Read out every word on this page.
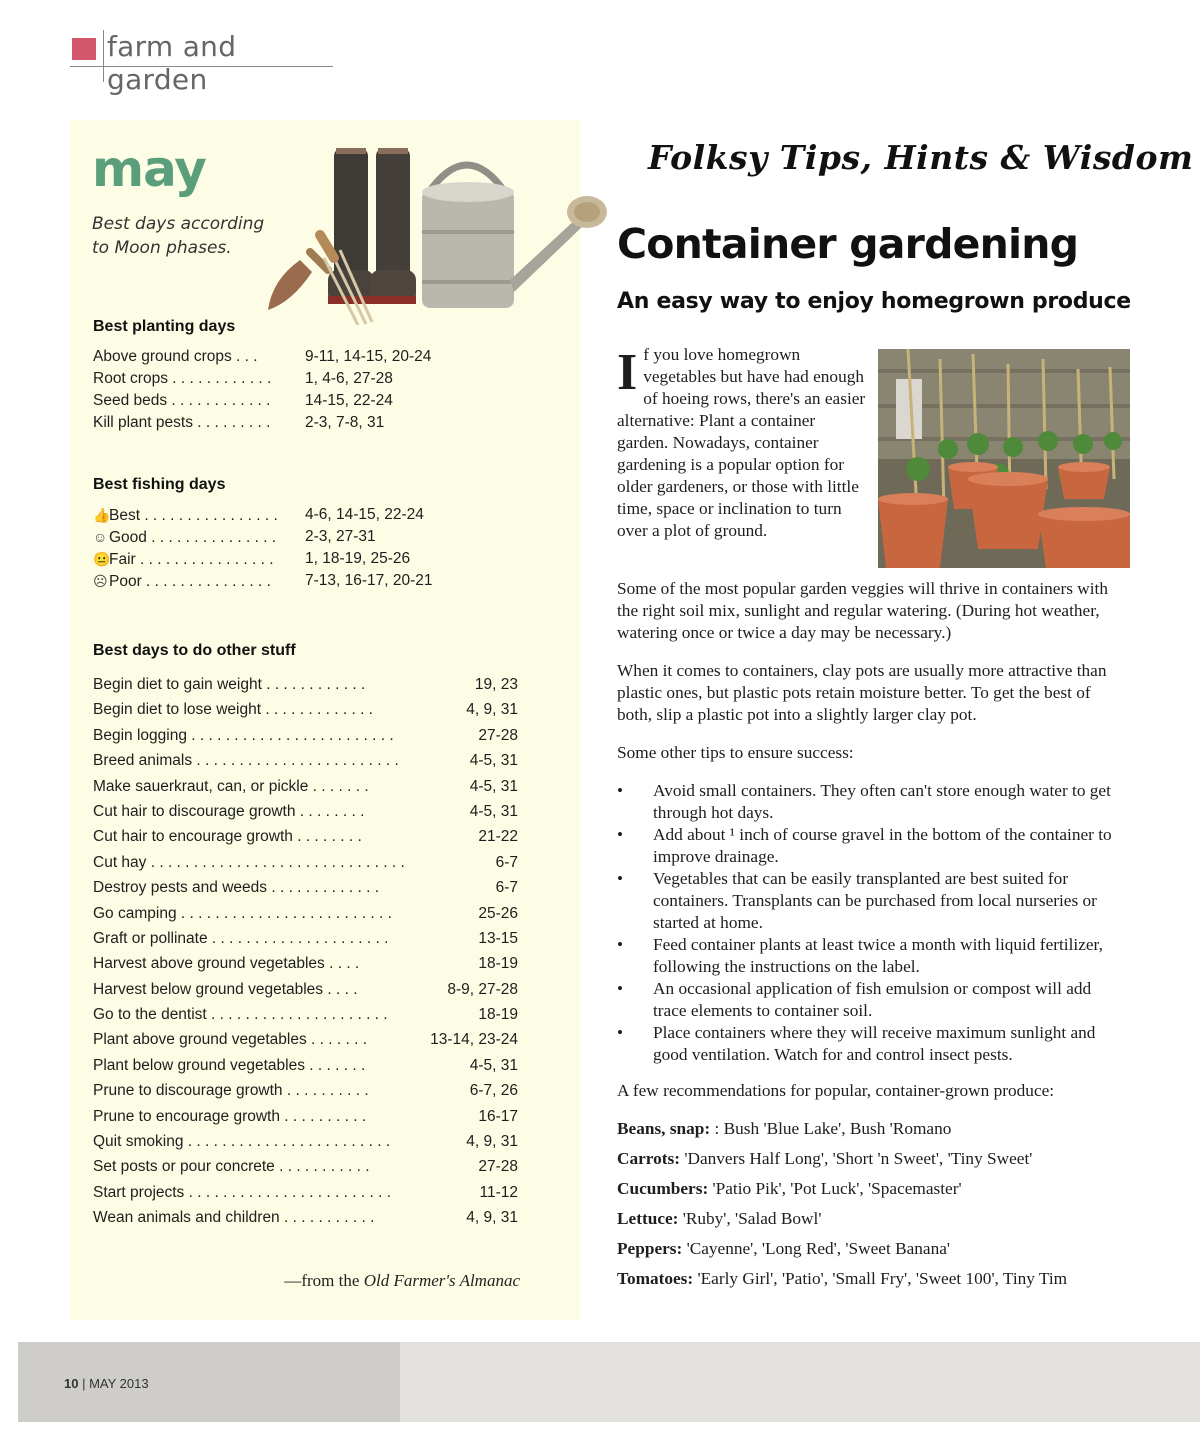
farm and garden
may
Best days according to Moon phases.
Best planting days
Above ground crops . . .	9-11, 14-15, 20-24
Root crops . . . . . . . . . . . . 1, 4-6, 27-28
Seed beds . . . . . . . . . . . . 14-15, 22-24
Kill plant pests . . . . . . . . . 2-3, 7-8, 31
Best fishing days
👍Best . . . . . . . . . . . . . . . . 4-6, 14-15, 22-24
☺ Good . . . . . . . . . . . . . . . 2-3, 27-31
😐Fair . . . . . . . . . . . . . . . . 1, 18-19, 25-26
☹Poor . . . . . . . . . . . . . . . 7-13, 16-17, 20-21
Best days to do other stuff
Begin diet to gain weight . . . . . . . . . . . .	19, 23
Begin diet to lose weight . . . . . . . . . . . . .	4, 9, 31
Begin logging . . . . . . . . . . . . . . . . . . . . . . . .	27-28
Breed animals . . . . . . . . . . . . . . . . . . . . . . . .	4-5, 31
Make sauerkraut, can, or pickle . . . . . . .	4-5, 31
Cut hair to discourage growth . . . . . . . .	4-5, 31
Cut hair to encourage growth . . . . . . . .	21-22
Cut hay . . . . . . . . . . . . . . . . . . . . . . . . . . . . . .	6-7
Destroy pests and weeds . . . . . . . . . . . . .	6-7
Go camping . . . . . . . . . . . . . . . . . . . . . . . . .	25-26
Graft or pollinate . . . . . . . . . . . . . . . . . . . . .	13-15
Harvest above ground vegetables . . . .	18-19
Harvest below ground vegetables . . . .	8-9, 27-28
Go to the dentist . . . . . . . . . . . . . . . . . . . . .	18-19
Plant above ground vegetables . . . . . . .	13-14, 23-24
Plant below ground vegetables . . . . . . .	4-5, 31
Prune to discourage growth . . . . . . . . . .	6-7, 26
Prune to encourage growth . . . . . . . . . .	16-17
Quit smoking . . . . . . . . . . . . . . . . . . . . . . . .	4, 9, 31
Set posts or pour concrete . . . . . . . . . . .	27-28
Start projects . . . . . . . . . . . . . . . . . . . . . . . .	11-12
Wean animals and children . . . . . . . . . . .	4, 9, 31
—from the Old Farmer's Almanac
Folksy Tips, Hints & Wisdom
Container gardening
An easy way to enjoy homegrown produce
If you love homegrown vegetables but have had enough of hoeing rows, there's an easier alternative: Plant a container garden. Nowadays, container gardening is a popular option for older gardeners, or those with little time, space or inclination to turn over a plot of ground.
Some of the most popular garden veggies will thrive in containers with the right soil mix, sunlight and regular watering. (During hot weather, watering once or twice a day may be necessary.)
When it comes to containers, clay pots are usually more attractive than plastic ones, but plastic pots retain moisture better. To get the best of both, slip a plastic pot into a slightly larger clay pot.
Some other tips to ensure success:
• Avoid small containers. They often can't store enough water to get through hot days.
• Add about ¹ inch of course gravel in the bottom of the container to improve drainage.
• Vegetables that can be easily transplanted are best suited for containers. Transplants can be purchased from local nurseries or started at home.
• Feed container plants at least twice a month with liquid fertilizer, following the instructions on the label.
• An occasional application of fish emulsion or compost will add trace elements to container soil.
• Place containers where they will receive maximum sunlight and good ventilation. Watch for and control insect pests.
A few recommendations for popular, container-grown produce:
Beans, snap: : Bush 'Blue Lake', Bush 'Romano
Carrots: 'Danvers Half Long', 'Short 'n Sweet', 'Tiny Sweet'
Cucumbers: 'Patio Pik', 'Pot Luck', 'Spacemaster'
Lettuce: 'Ruby', 'Salad Bowl'
Peppers: 'Cayenne', 'Long Red', 'Sweet Banana'
Tomatoes: 'Early Girl', 'Patio', 'Small Fry', 'Sweet 100', Tiny Tim
10 | MAY 2013
